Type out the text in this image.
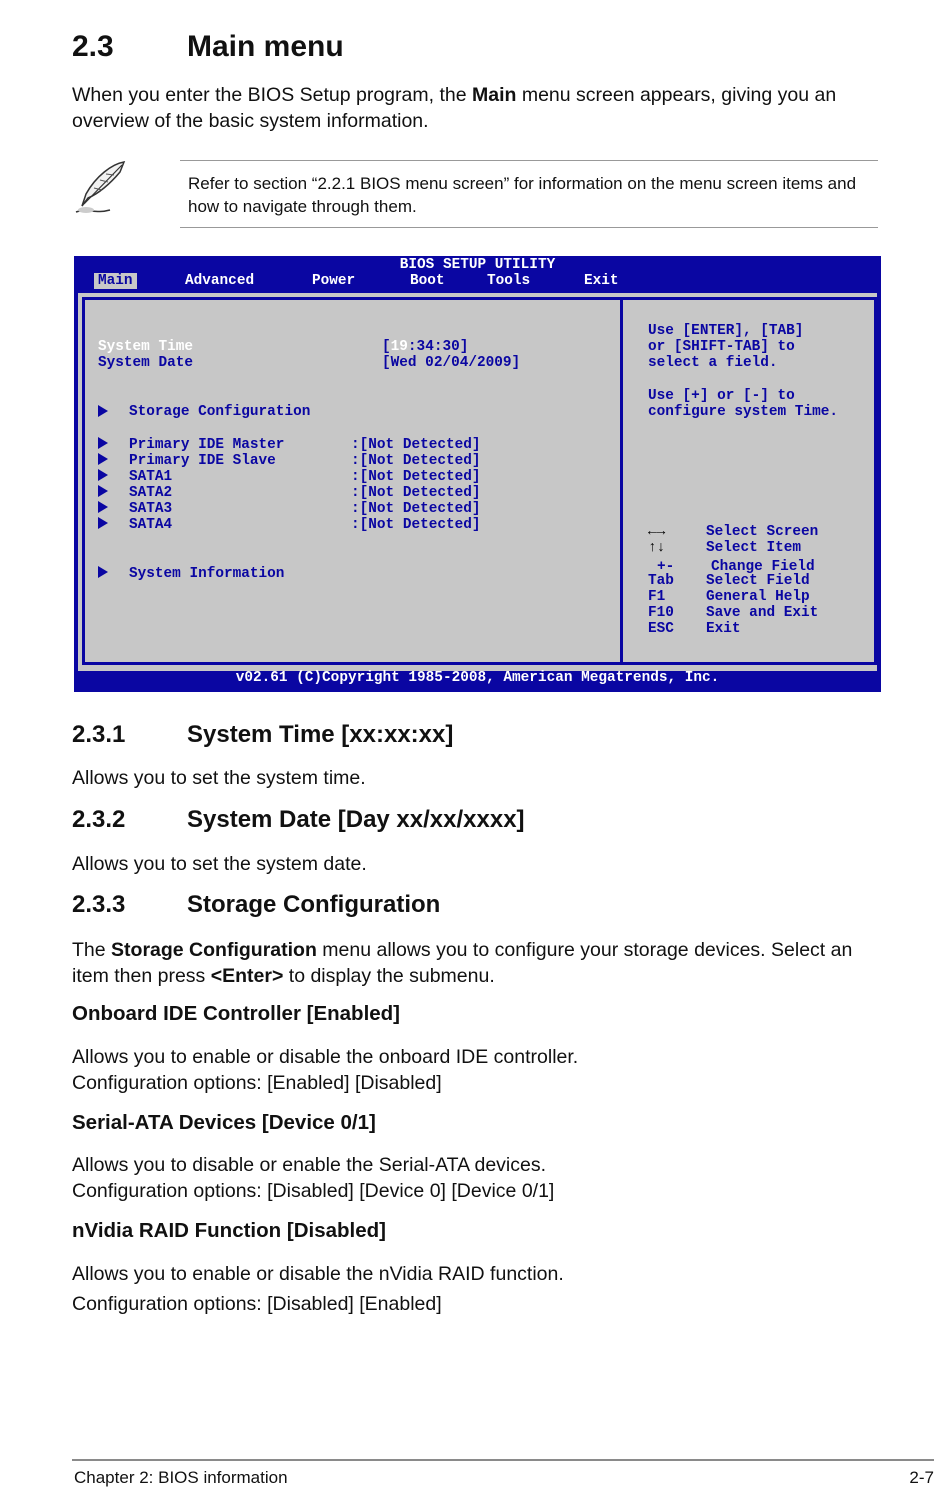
2.3 Main menu
When you enter the BIOS Setup program, the Main menu screen appears, giving you an
overview of the basic system information.
Refer to section “2.2.1 BIOS menu screen” for information on the menu screen items and
how to navigate through them.
BIOS SETUP UTILITY
Main	Advanced	Power	Boot	Tools	Exit
System Time	[19:34:30]
System Date	[Wed 02/04/2009]
Storage Configuration
Primary IDE Master	:[Not Detected]
Primary IDE Slave	:[Not Detected]
SATA1	:[Not Detected]
SATA2	:[Not Detected]
SATA3	:[Not Detected]
SATA4	:[Not Detected]
System Information
Use [ENTER], [TAB]
or [SHIFT-TAB] to
select a field.
Use [+] or [-] to
configure system Time.
←→	Select Screen
↑↓	Select Item
+-	Change Field
Tab Select Field
F1	General Help
F10 Save and Exit
ESC Exit
v02.61 (C)Copyright 1985-2008, American Megatrends, Inc.
2.3.1	System Time [xx:xx:xx]
Allows you to set the system time.
2.3.2	System Date [Day xx/xx/xxxx]
Allows you to set the system date.
2.3.3	Storage Configuration
The Storage Configuration menu allows you to configure your storage devices. Select an
item then press <Enter> to display the submenu.
Onboard IDE Controller [Enabled]
Allows you to enable or disable the onboard IDE controller.
Configuration options: [Enabled] [Disabled]
Serial-ATA Devices [Device 0/1]
Allows you to disable or enable the Serial-ATA devices.
Configuration options: [Disabled] [Device 0] [Device 0/1]
nVidia RAID Function [Disabled]
Allows you to enable or disable the nVidia RAID function.
Configuration options: [Disabled] [Enabled]
Chapter 2: BIOS information	2-7
